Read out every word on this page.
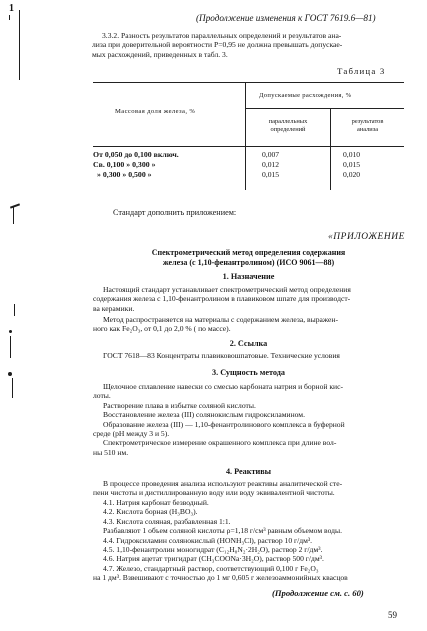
1
(Продолжение изменения к ГОСТ 7619.6—81)
3.3.2. Разность результатов параллельных определений и результатов ана-
лиза при доверительной вероятности P=0,95 не должна превышать допускае-
мых расхождений, приведенных в табл. 3.
Таблица 3
Массовая доля железа, %
Допускаемые расхождения, %
параллельных
определений
результатов
анализа
От 0,050 до 0,100 включ.	0,007	0,010
Св. 0,100 » 0,300 »	0,012	0,015
» 0,300 » 0,500 »	0,015	0,020
Стандарт дополнить приложением:
«ПРИЛОЖЕНИЕ
Спектрометрический метод определения содержания
железа (с 1,10-фенантролином) (ИСО 9061—88)
1. Назначение
Настоящий стандарт устанавливает спектрометрический метод определения
содержания железа с 1,10-фенантролином в плавиковом шпате для производст-
ва керамики.
Метод распространяется на материалы с содержанием железа, выражен-
ного как Fe₂O₃, от 0,1 до 2,0 % ( по массе).
2. Ссылка
ГОСТ 7618—83 Концентраты плавиковошпатовые. Технические условия
3. Сущность метода
Щелочное сплавление навески со смесью карбоната натрия и борной кис-
лоты.
Растворение плава в избытке соляной кислоты.
Восстановление железа (III) солянокислым гидроксиламином.
Образование железа (III) — 1,10-фенантролинового комплекса в буферной
среде (pH между 3 и 5).
Спектрометрическое измерение окрашенного комплекса при длине вол-
ны 510 нм.
4. Реактивы
В процессе проведения анализа используют реактивы аналитической сте-
пени чистоты и дистиллированную воду или воду эквивалентной чистоты.
4.1. Натрия карбонат безводный.
4.2. Кислота борная (H₃BO₃).
4.3. Кислота соляная, разбавленная 1:1.
Разбавляют 1 объем соляной кислоты ρ=1,18 г/см³ равным объемом воды.
4.4. Гидроксиламин солянокислый (HONH₃Cl), раствор 10 г/дм³.
4.5. 1,10-фенантролин моногидрат (C₁₂H₈N₂·2H₂O), раствор 2 г/дм³.
4.6. Натрия ацетат тригидрат (CH₃COONa·3H₂O), раствор 500 г/дм³.
4.7. Железо, стандартный раствор, соответствующий 0,100 г Fe₂O₃
на 1 дм³. Взвешивают с точностью до 1 мг 0,605 г железоаммонийных квасцов
(Продолжение см. с. 60)
59
